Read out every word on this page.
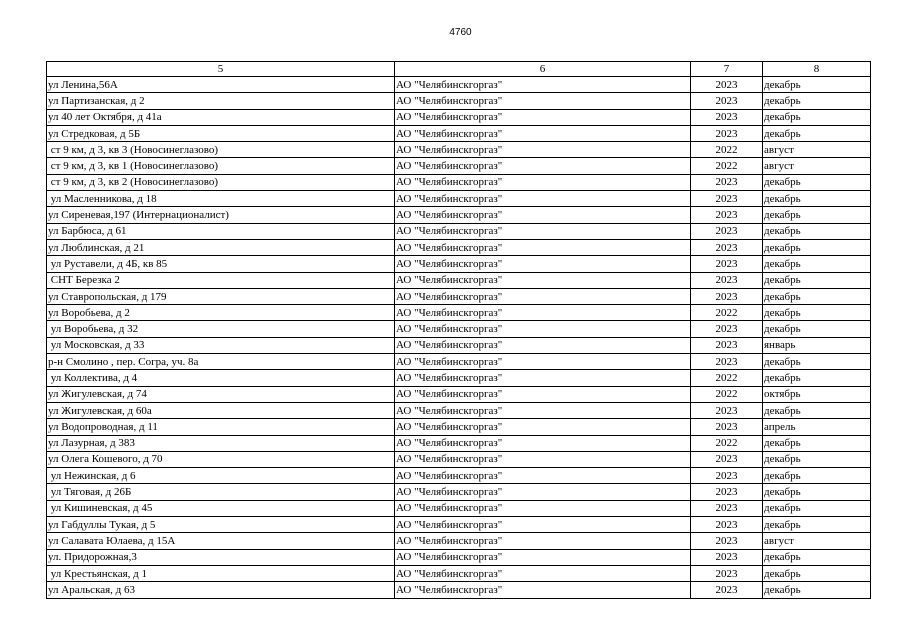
4760
5	6	7	8
ул Ленина,56А	АО "Челябинскгоргаз"	2023	декабрь
ул Партизанская, д 2	АО "Челябинскгоргаз"	2023	декабрь
ул 40 лет Октября, д 41а	АО "Челябинскгоргаз"	2023	декабрь
ул Стредковая, д 5Б	АО "Челябинскгоргаз"	2023	декабрь
ст 9 км, д 3, кв 3 (Новосинеглазово)	АО "Челябинскгоргаз"	2022	август
ст 9 км, д 3, кв 1 (Новосинеглазово)	АО "Челябинскгоргаз"	2022	август
ст 9 км, д 3, кв 2 (Новосинеглазово)	АО "Челябинскгоргаз"	2023	декабрь
ул Масленникова, д 18	АО "Челябинскгоргаз"	2023	декабрь
ул Сиреневая,197 (Интернационалист)	АО "Челябинскгоргаз"	2023	декабрь
ул Барбюса, д 61	АО "Челябинскгоргаз"	2023	декабрь
ул Люблинская, д 21	АО "Челябинскгоргаз"	2023	декабрь
ул Руставели, д 4Б, кв 85	АО "Челябинскгоргаз"	2023	декабрь
СНТ Березка 2	АО "Челябинскгоргаз"	2023	декабрь
ул Ставропольская, д 179	АО "Челябинскгоргаз"	2023	декабрь
ул Воробьева, д 2	АО "Челябинскгоргаз"	2022	декабрь
ул Воробьева, д 32	АО "Челябинскгоргаз"	2023	декабрь
ул Московская, д 33	АО "Челябинскгоргаз"	2023	январь
р-н Смолино , пер. Согра, уч. 8а	АО "Челябинскгоргаз"	2023	декабрь
ул Коллектива, д 4	АО "Челябинскгоргаз"	2022	декабрь
ул Жигулевская, д 74	АО "Челябинскгоргаз"	2022	октябрь
ул Жигулевская, д 60а	АО "Челябинскгоргаз"	2023	декабрь
ул Водопроводная, д 11	АО "Челябинскгоргаз"	2023	апрель
ул Лазурная, д 383	АО "Челябинскгоргаз"	2022	декабрь
ул Олега Кошевого, д 70	АО "Челябинскгоргаз"	2023	декабрь
ул Нежинская, д 6	АО "Челябинскгоргаз"	2023	декабрь
ул Тяговая, д 26Б	АО "Челябинскгоргаз"	2023	декабрь
ул Кишиневская, д 45	АО "Челябинскгоргаз"	2023	декабрь
ул Габдуллы Тукая, д 5	АО "Челябинскгоргаз"	2023	декабрь
ул Салавата Юлаева, д 15А	АО "Челябинскгоргаз"	2023	август
ул. Придорожная,3	АО "Челябинскгоргаз"	2023	декабрь
ул Крестьянская, д 1	АО "Челябинскгоргаз"	2023	декабрь
ул Аральская, д 63	АО "Челябинскгоргаз"	2023	декабрь
